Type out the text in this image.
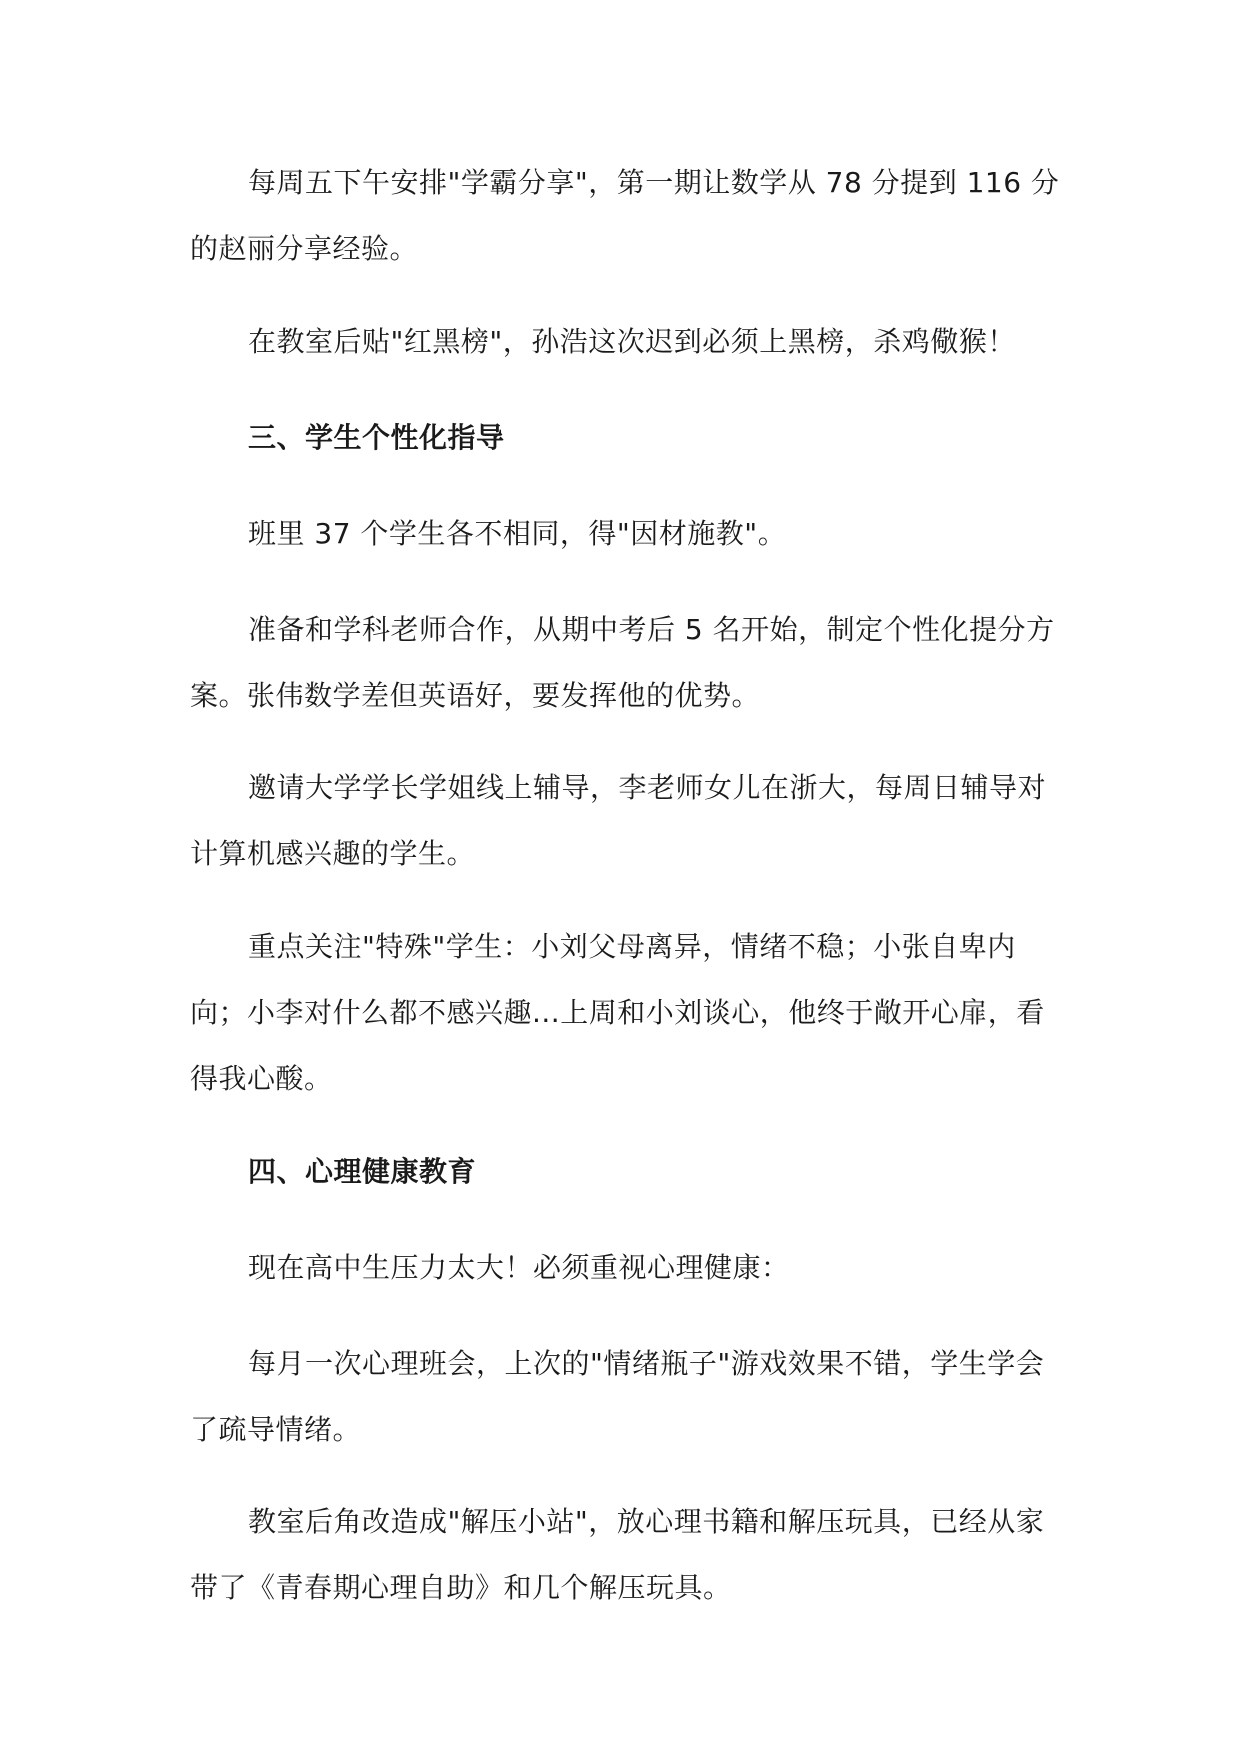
每周五下午安排"学霸分享"，第一期让数学从 78 分提到 116 分的赵丽分享经验。

在教室后贴"红黑榜"，孙浩这次迟到必须上黑榜，杀鸡儆猴！

三、学生个性化指导

班里 37 个学生各不相同，得"因材施教"。

准备和学科老师合作，从期中考后 5 名开始，制定个性化提分方案。张伟数学差但英语好，要发挥他的优势。

邀请大学学长学姐线上辅导，李老师女儿在浙大，每周日辅导对计算机感兴趣的学生。

重点关注"特殊"学生：小刘父母离异，情绪不稳；小张自卑内向；小李对什么都不感兴趣...上周和小刘谈心，他终于敞开心扉，看得我心酸。

四、心理健康教育

现在高中生压力太大！必须重视心理健康：

每月一次心理班会，上次的"情绪瓶子"游戏效果不错，学生学会了疏导情绪。

教室后角改造成"解压小站"，放心理书籍和解压玩具，已经从家带了《青春期心理自助》和几个解压玩具。
